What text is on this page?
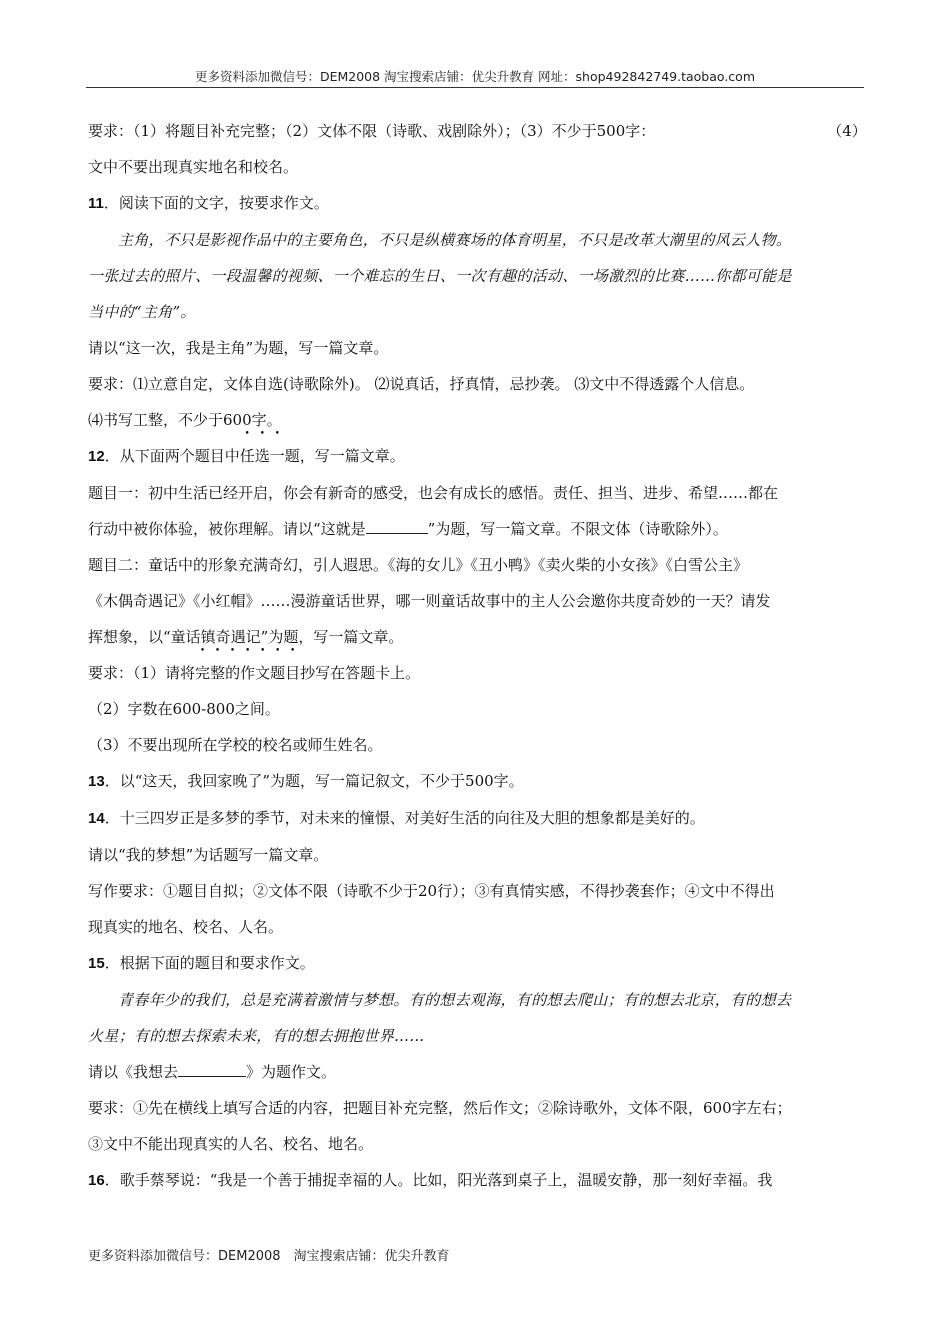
更多资料添加微信号：DEM2008 淘宝搜索店铺：优尖升教育 网址：shop492842749.taobao.com

要求：（1）将题目补充完整；（2）文体不限（诗歌、戏剧除外）；（3）不少于500字：	（4）

文中不要出现真实地名和校名。

11．阅读下面的文字，按要求作文。

主角，不只是影视作品中的主要角色，不只是纵横赛场的体育明星，不只是改革大潮里的风云人物。

一张过去的照片、一段温馨的视频、一个难忘的生日、一次有趣的活动、一场激烈的比赛……你都可能是

当中的“主角”。

请以“这一次，我是主角”为题，写一篇文章。

要求：⑴立意自定，文体自选(诗歌除外)。 ⑵说真话，抒真情，忌抄袭。 ⑶文中不得透露个人信息。

⑷书写工整，不少于600字。

12．从下面两个题目中任选一题，写一篇文章。

题目一：初中生活已经开启，你会有新奇的感受，也会有成长的感悟。责任、担当、进步、希望……都在

行动中被你体验，被你理解。请以“这就是	”为题，写一篇文章。不限文体（诗歌除外）。

题目二：童话中的形象充满奇幻，引人遐思。《海的女儿》《丑小鸭》《卖火柴的小女孩》《白雪公主》

《木偶奇遇记》《小红帽》……漫游童话世界，哪一则童话故事中的主人公会邀你共度奇妙的一天？请发

挥想象，以“童话镇奇遇记”为题，写一篇文章。

要求：（1）请将完整的作文题目抄写在答题卡上。

（2）字数在600-800之间。

（3）不要出现所在学校的校名或师生姓名。

13．以“这天，我回家晚了”为题，写一篇记叙文，不少于500字。

14．十三四岁正是多梦的季节，对未来的憧憬、对美好生活的向往及大胆的想象都是美好的。

请以“我的梦想”为话题写一篇文章。

写作要求：①题目自拟；②文体不限（诗歌不少于20行）；③有真情实感，不得抄袭套作；④文中不得出

现真实的地名、校名、人名。

15．根据下面的题目和要求作文。

青春年少的我们，总是充满着激情与梦想。有的想去观海，有的想去爬山；有的想去北京，有的想去

火星；有的想去探索未来，有的想去拥抱世界……

请以《我想去	》为题作文。

要求：①先在横线上填写合适的内容，把题目补充完整，然后作文；②除诗歌外，文体不限，600字左右；

③文中不能出现真实的人名、校名、地名。

16．歌手蔡琴说：“我是一个善于捕捉幸福的人。比如，阳光落到桌子上，温暖安静，那一刻好幸福。我

更多资料添加微信号：DEM2008　淘宝搜索店铺：优尖升教育
